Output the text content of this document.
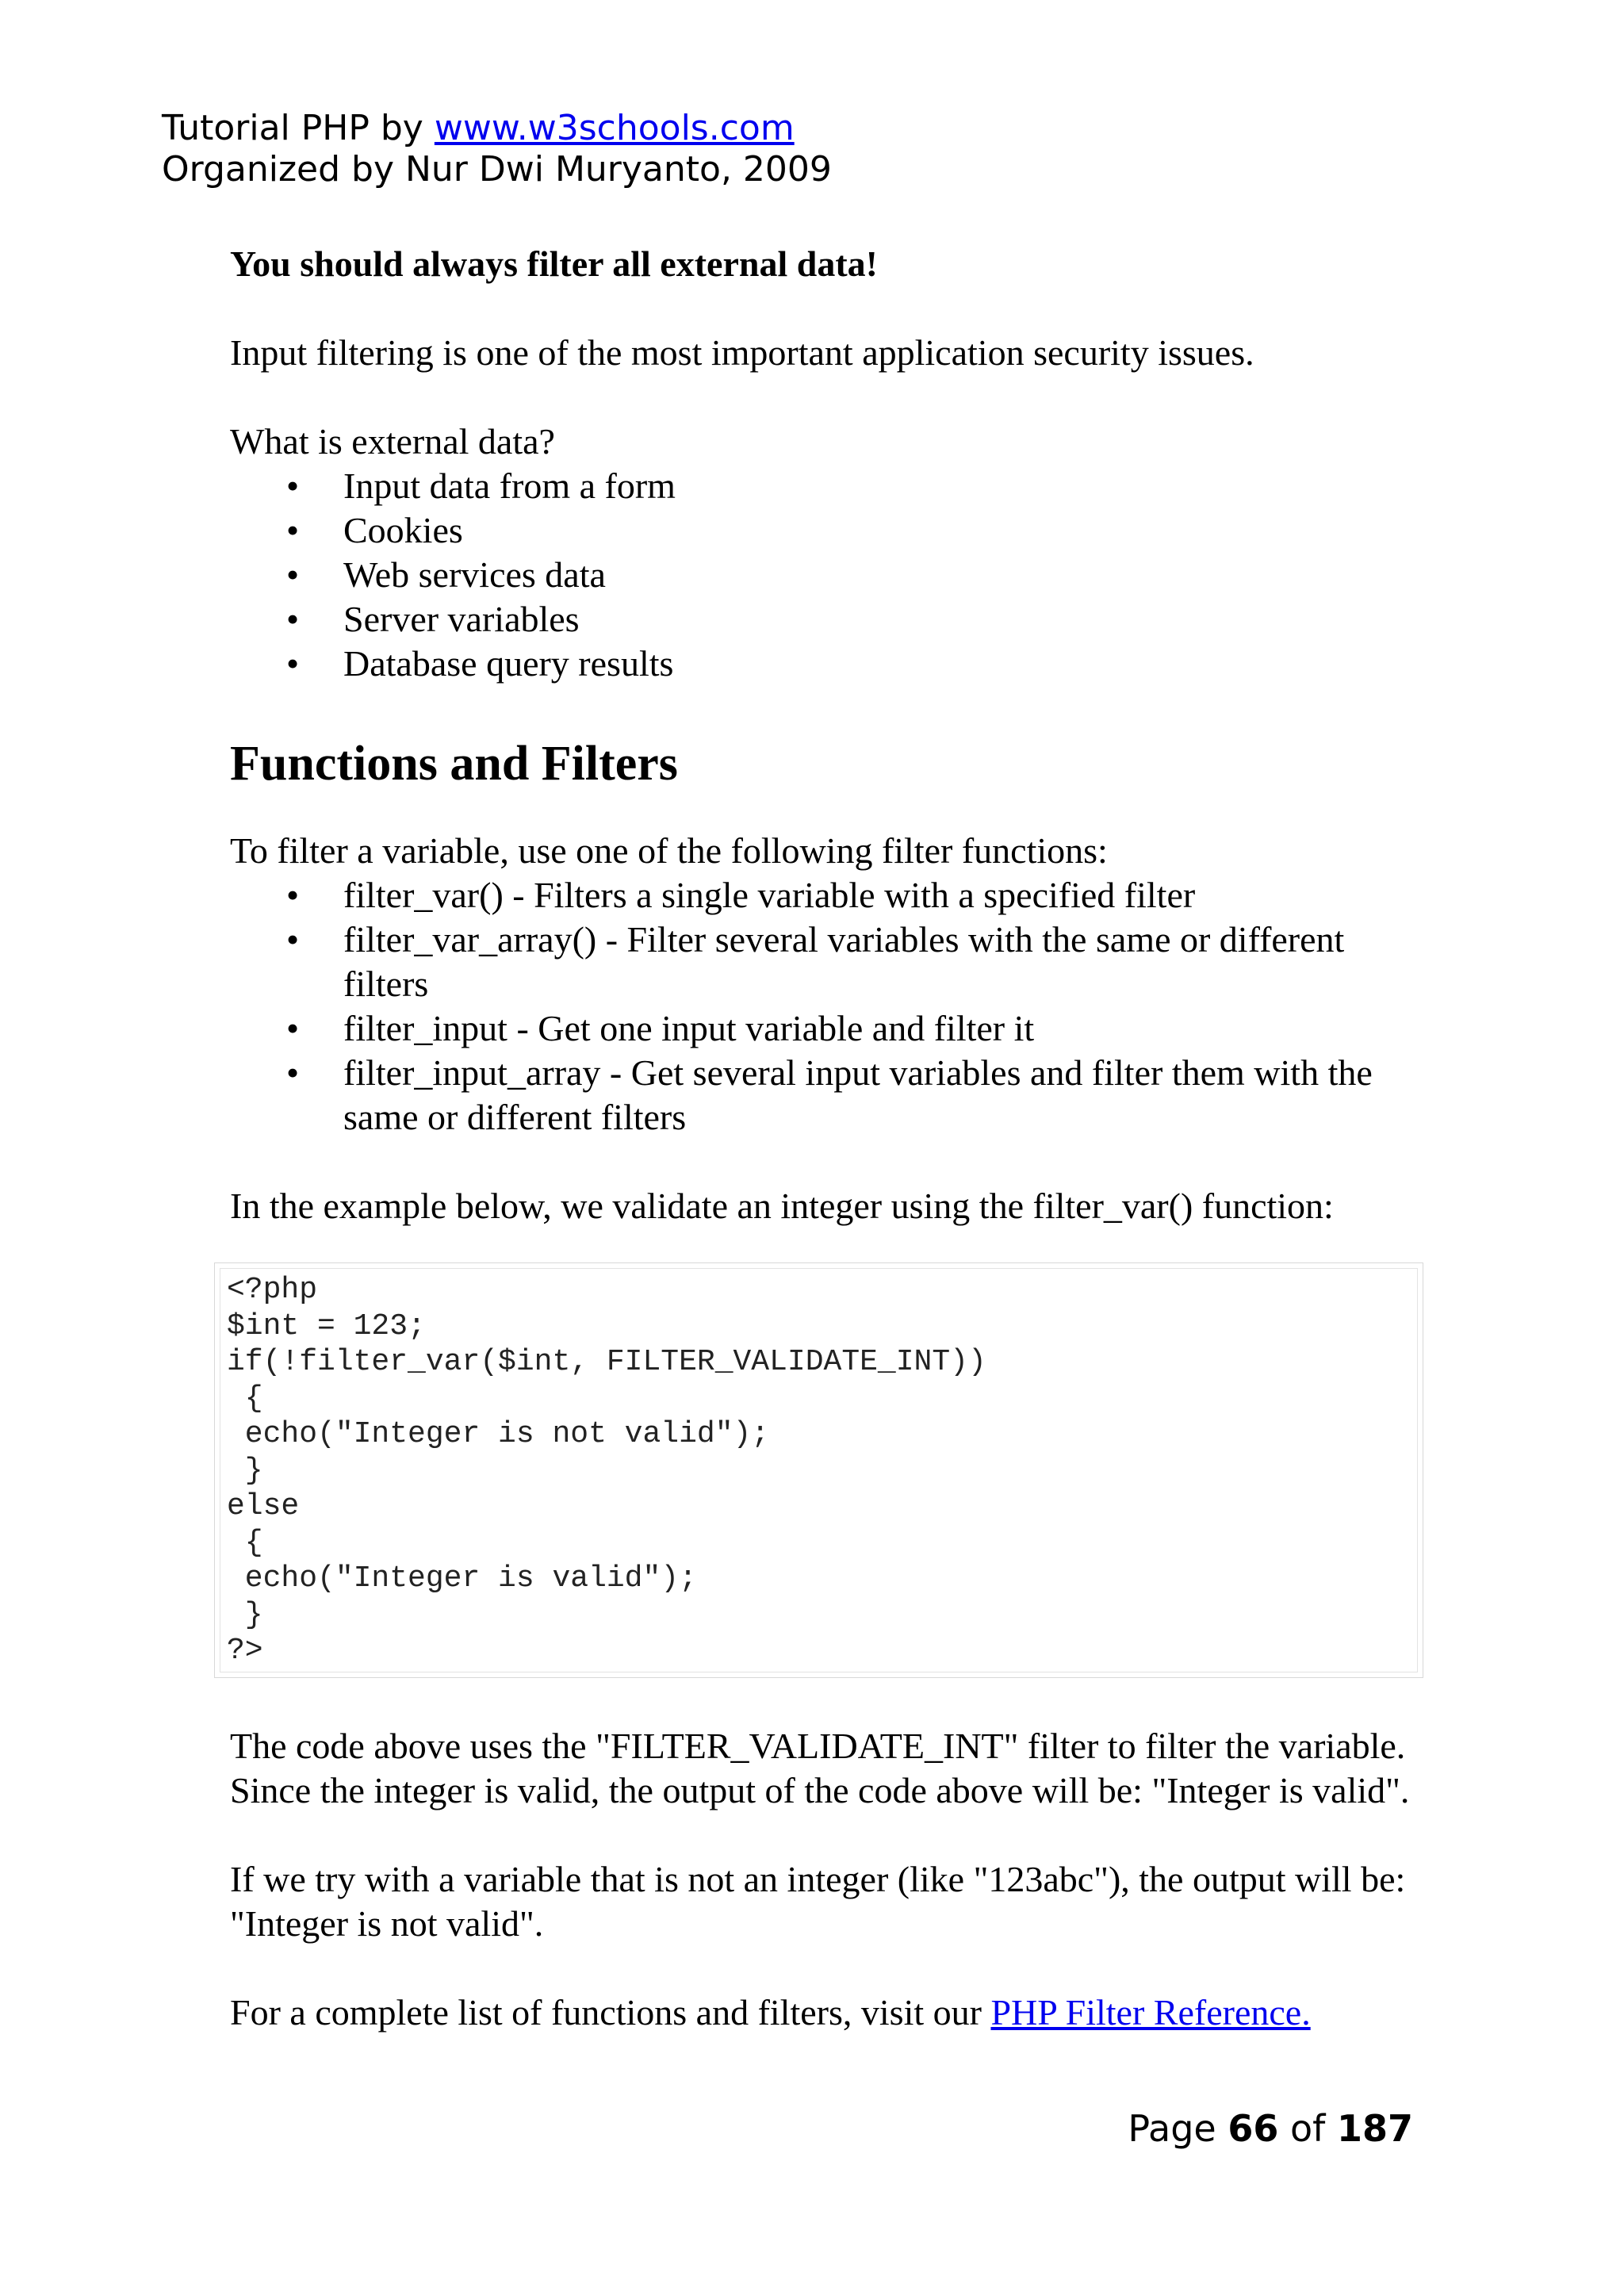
Tutorial PHP by www.w3schools.com
Organized by Nur Dwi Muryanto, 2009

You should always filter all external data!

Input filtering is one of the most important application security issues.

What is external data?

• Input data from a form
• Cookies
• Web services data
• Server variables
• Database query results
Functions and Filters

To filter a variable, use one of the following filter functions:

• filter_var() - Filters a single variable with a specified filter
• filter_var_array() - Filter several variables with the same or different filters
• filter_input - Get one input variable and filter it
• filter_input_array - Get several input variables and filter them with the same or different filters

In the example below, we validate an integer using the filter_var() function:

<?php
$int = 123;
if(!filter_var($int, FILTER_VALIDATE_INT))
{
echo("Integer is not valid");
}
else
{
echo("Integer is valid");
}
?>

The code above uses the "FILTER_VALIDATE_INT" filter to filter the variable. Since the integer is valid, the output of the code above will be: "Integer is valid".

If we try with a variable that is not an integer (like "123abc"), the output will be: "Integer is not valid".

For a complete list of functions and filters, visit our PHP Filter Reference.

Page 66 of 187
